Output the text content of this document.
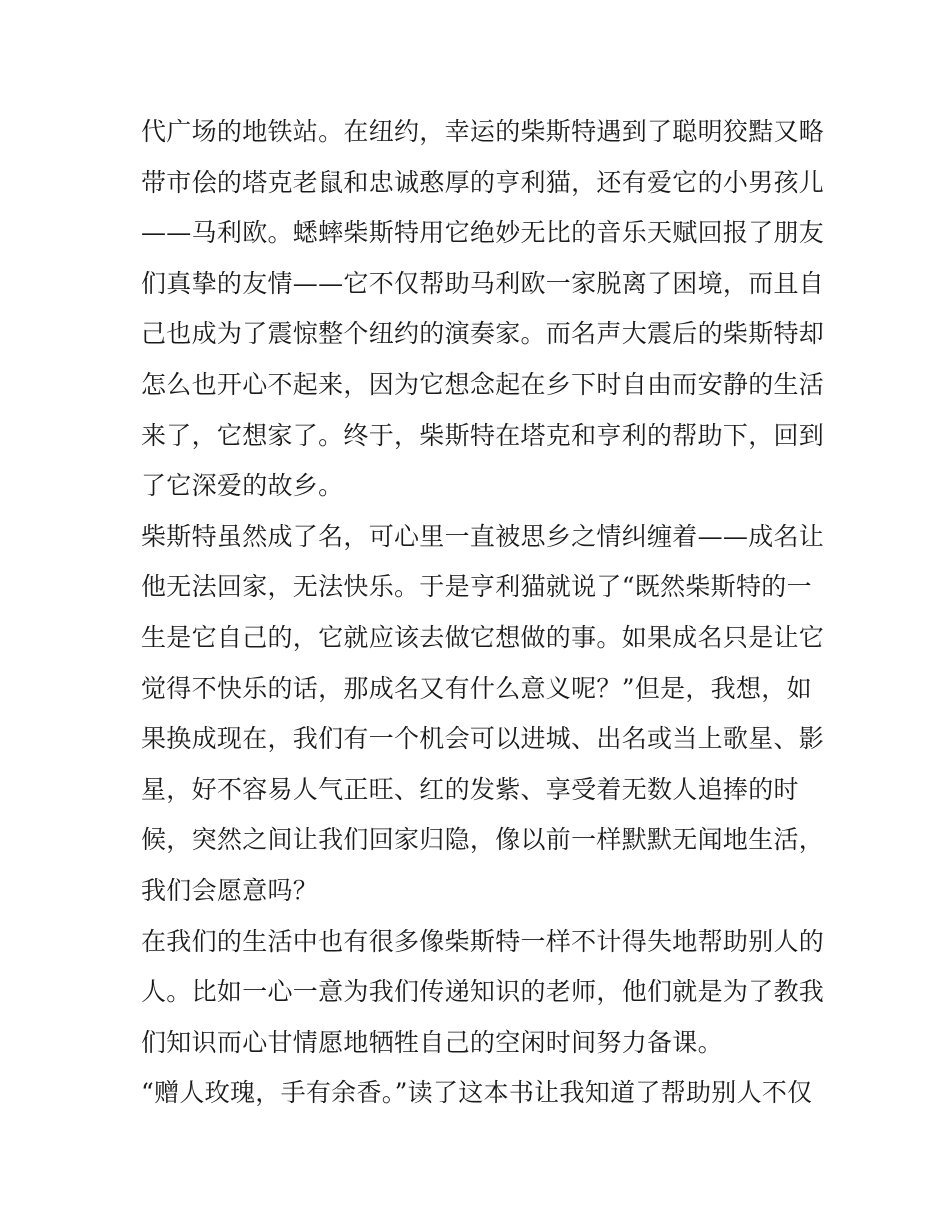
代广场的地铁站。在纽约，幸运的柴斯特遇到了聪明狡黠又略
带市侩的塔克老鼠和忠诚憨厚的亨利猫，还有爱它的小男孩儿
——马利欧。蟋蟀柴斯特用它绝妙无比的音乐天赋回报了朋友
们真挚的友情——它不仅帮助马利欧一家脱离了困境，而且自
己也成为了震惊整个纽约的演奏家。而名声大震后的柴斯特却
怎么也开心不起来，因为它想念起在乡下时自由而安静的生活
来了，它想家了。终于，柴斯特在塔克和亨利的帮助下，回到
了它深爱的故乡。
柴斯特虽然成了名，可心里一直被思乡之情纠缠着——成名让
他无法回家，无法快乐。于是亨利猫就说了“既然柴斯特的一
生是它自己的，它就应该去做它想做的事。如果成名只是让它
觉得不快乐的话，那成名又有什么意义呢？”但是，我想，如
果换成现在，我们有一个机会可以进城、出名或当上歌星、影
星，好不容易人气正旺、红的发紫、享受着无数人追捧的时
候，突然之间让我们回家归隐，像以前一样默默无闻地生活，
我们会愿意吗？
在我们的生活中也有很多像柴斯特一样不计得失地帮助别人的
人。比如一心一意为我们传递知识的老师，他们就是为了教我
们知识而心甘情愿地牺牲自己的空闲时间努力备课。
“赠人玫瑰，手有余香。”读了这本书让我知道了帮助别人不仅
